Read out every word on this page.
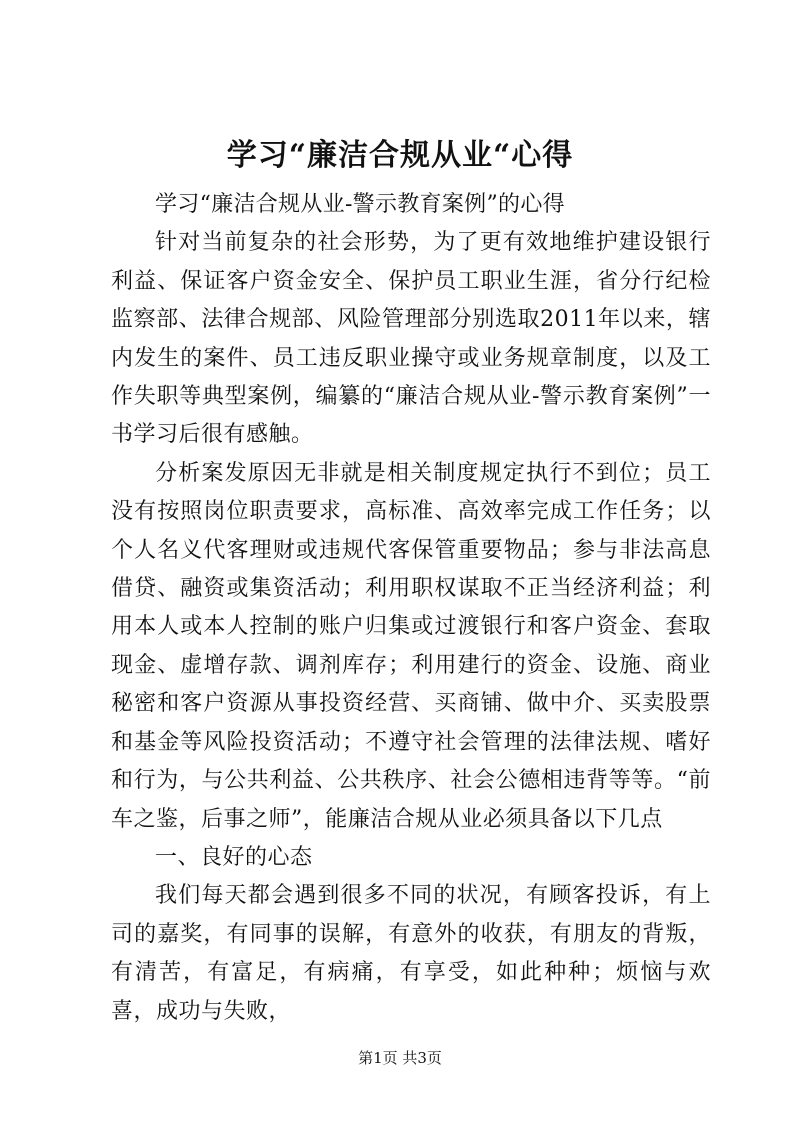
学习“廉洁合规从业“心得

学习“廉洁合规从业-警示教育案例”的心得

针对当前复杂的社会形势，为了更有效地维护建设银行利益、保证客户资金安全、保护员工职业生涯，省分行纪检监察部、法律合规部、风险管理部分别选取2011年以来，辖内发生的案件、员工违反职业操守或业务规章制度，以及工作失职等典型案例，编纂的“廉洁合规从业-警示教育案例”一书学习后很有感触。

分析案发原因无非就是相关制度规定执行不到位；员工没有按照岗位职责要求，高标准、高效率完成工作任务；以个人名义代客理财或违规代客保管重要物品；参与非法高息借贷、融资或集资活动；利用职权谋取不正当经济利益；利用本人或本人控制的账户归集或过渡银行和客户资金、套取现金、虚增存款、调剂库存；利用建行的资金、设施、商业秘密和客户资源从事投资经营、买商铺、做中介、买卖股票和基金等风险投资活动；不遵守社会管理的法律法规、嗜好和行为，与公共利益、公共秩序、社会公德相违背等等。“前车之鉴，后事之师”，能廉洁合规从业必须具备以下几点

一、良好的心态

我们每天都会遇到很多不同的状况，有顾客投诉，有上司的嘉奖，有同事的误解，有意外的收获，有朋友的背叛，有清苦，有富足，有病痛，有享受，如此种种；烦恼与欢喜，成功与失败，

第1页 共3页
